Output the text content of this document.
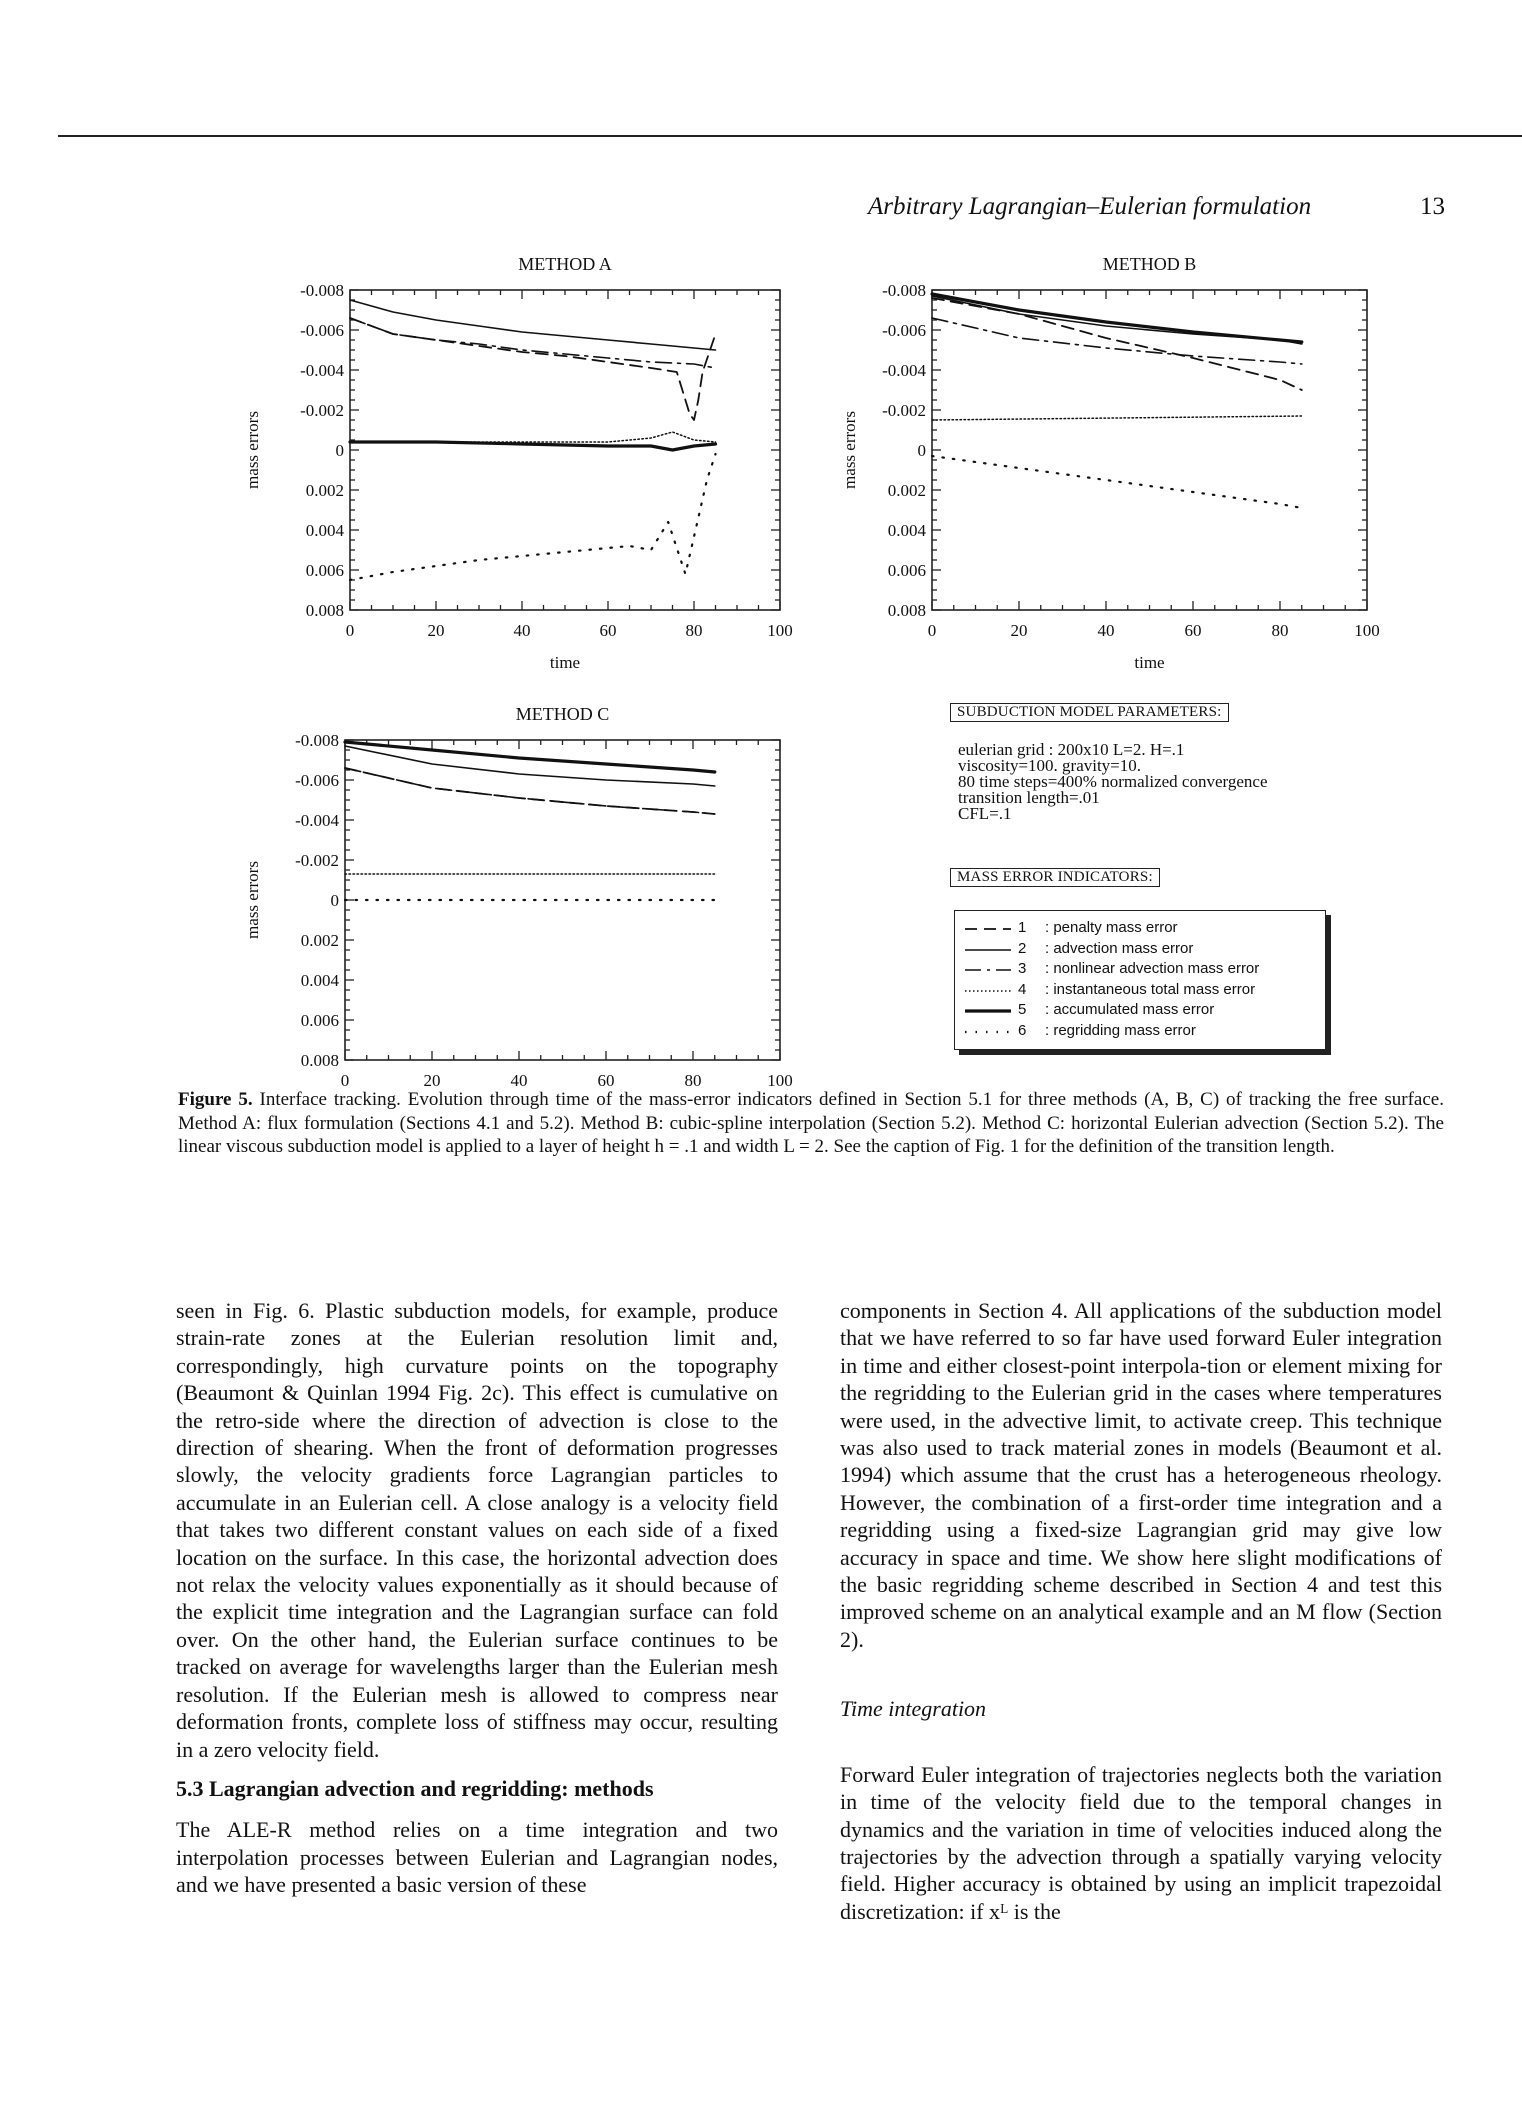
Arbitrary Lagrangian–Eulerian formulation	13
0	20	40	60	80	100
-0.008
-0.006
-0.004
-0.002
0
0.002
0.004
0.006
0.008
METHOD A
time
mass errors
0	20	40	60	80	100
-0.008
-0.006
-0.004
-0.002
0
0.002
0.004
0.006
0.008
METHOD B
time
mass errors
0	20	40	60	80	100
-0.008
-0.006
-0.004
-0.002
0
0.002
0.004
0.006
0.008
METHOD C
mass errors
SUBDUCTION MODEL PARAMETERS:
eulerian grid : 200x10 L=2. H=.1
viscosity=100. gravity=10.
80 time steps=400% normalized convergence
transition length=.01
CFL=.1
MASS ERROR INDICATORS:
1 : penalty mass error
2 : advection mass error
3 : nonlinear advection mass error
4 : instantaneous total mass error
5 : accumulated mass error
6 : regridding mass error
Figure 5. Interface tracking. Evolution through time of the mass-error indicators defined in Section 5.1 for three methods (A, B, C) of tracking the free surface. Method A: flux formulation (Sections 4.1 and 5.2). Method B: cubic-spline interpolation (Section 5.2). Method C: horizontal Eulerian advection (Section 5.2). The linear viscous subduction model is applied to a layer of height h = .1 and width L = 2. See the caption of Fig. 1 for the definition of the transition length.

seen in Fig. 6. Plastic subduction models, for example, produce strain-rate zones at the Eulerian resolution limit and, correspondingly, high curvature points on the topography (Beaumont & Quinlan 1994 Fig. 2c). This effect is cumulative on the retro-side where the direction of advection is close to the direction of shearing. When the front of deformation progresses slowly, the velocity gradients force Lagrangian particles to accumulate in an Eulerian cell. A close analogy is a velocity field that takes two different constant values on each side of a fixed location on the surface. In this case, the horizontal advection does not relax the velocity values exponentially as it should because of the explicit time integration and the Lagrangian surface can fold over. On the other hand, the Eulerian surface continues to be tracked on average for wavelengths larger than the Eulerian mesh resolution. If the Eulerian mesh is allowed to compress near deformation fronts, complete loss of stiffness may occur, resulting in a zero velocity field.

5.3 Lagrangian advection and regridding: methods

The ALE-R method relies on a time integration and two interpolation processes between Eulerian and Lagrangian nodes, and we have presented a basic version of these

components in Section 4. All applications of the subduction model that we have referred to so far have used forward Euler integration in time and either closest-point interpola-tion or element mixing for the regridding to the Eulerian grid in the cases where temperatures were used, in the advective limit, to activate creep. This technique was also used to track material zones in models (Beaumont et al. 1994) which assume that the crust has a heterogeneous rheology. However, the combination of a first-order time integration and a regridding using a fixed-size Lagrangian grid may give low accuracy in space and time. We show here slight modifications of the basic regridding scheme described in Section 4 and test this improved scheme on an analytical example and an M flow (Section 2).

Time integration

Forward Euler integration of trajectories neglects both the variation in time of the velocity field due to the temporal changes in dynamics and the variation in time of velocities induced along the trajectories by the advection through a spatially varying velocity field. Higher accuracy is obtained by using an implicit trapezoidal discretization: if xᴸ is the
